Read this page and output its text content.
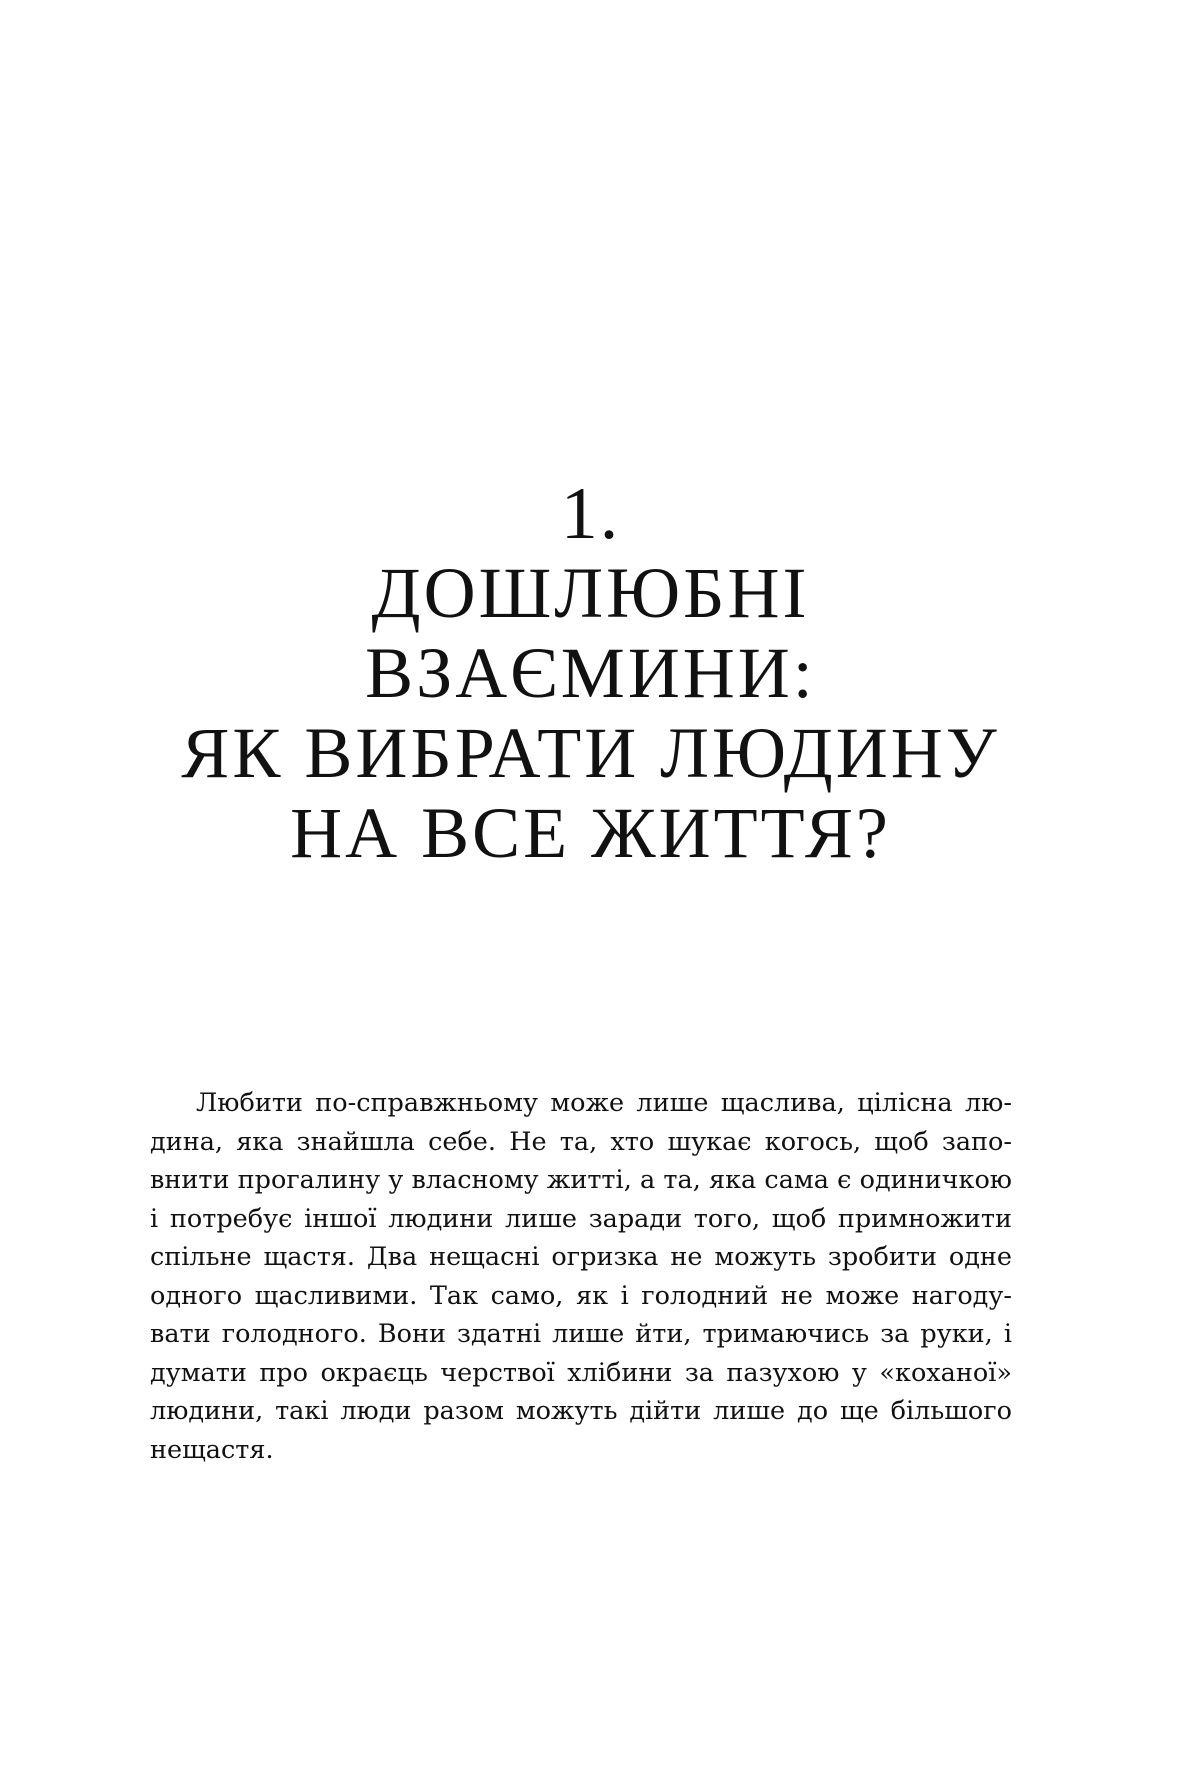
1.
ДОШЛЮБНІ
ВЗАЄМИНИ:
ЯК ВИБРАТИ ЛЮДИНУ
НА ВСЕ ЖИТТЯ?
Любити по-справжньому може лише щаслива, цілісна лю-
дина, яка знайшла себе. Не та, хто шукає когось, щоб запо-
внити прогалину у власному житті, а та, яка сама є одиничкою
і потребує іншої людини лише заради того, щоб примножити
спільне щастя. Два нещасні огризка не можуть зробити одне
одного щасливими. Так само, як і голодний не може нагоду-
вати голодного. Вони здатні лише йти, тримаючись за руки, і
думати про окраєць черствої хлібини за пазухою у «коханої»
людини, такі люди разом можуть дійти лише до ще більшого
нещастя.
